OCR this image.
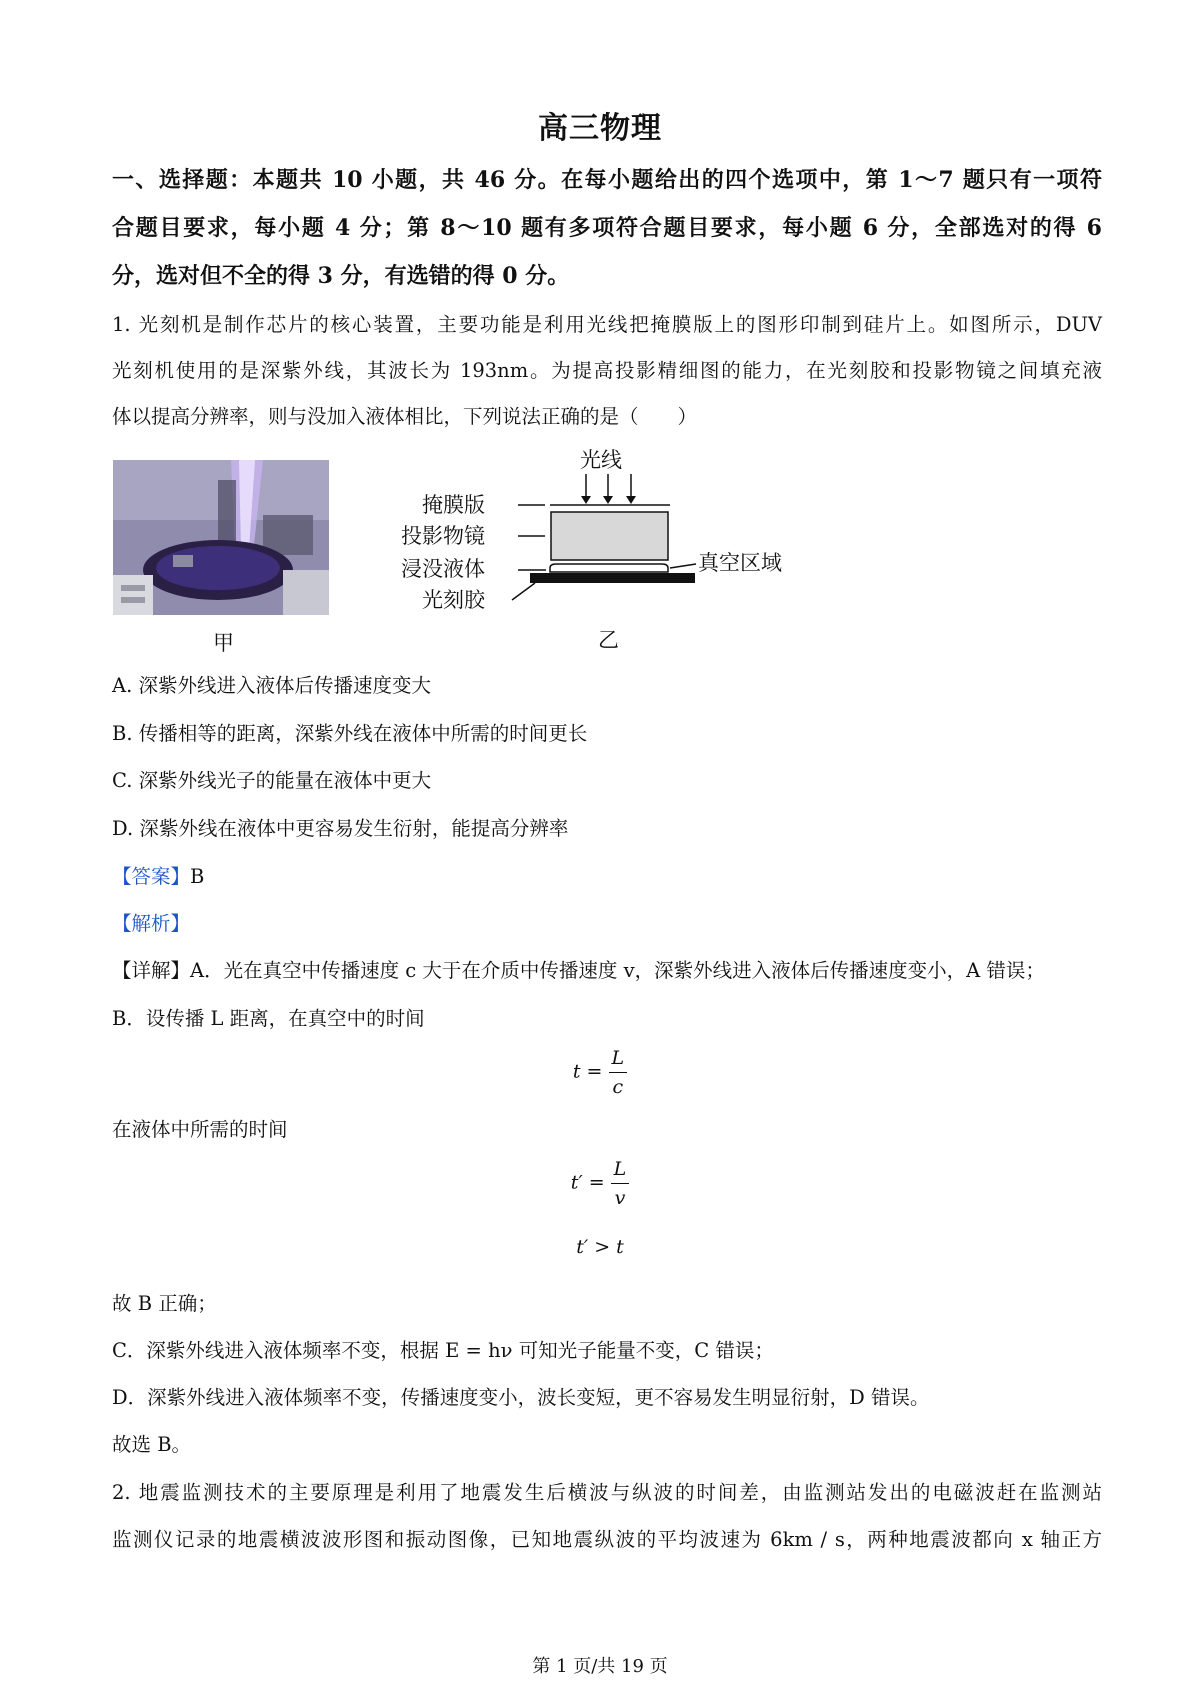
高三物理
一、选择题：本题共 10 小题，共 46 分。在每小题给出的四个选项中，第 1～7 题只有一项符
合题目要求，每小题 4 分；第 8～10 题有多项符合题目要求，每小题 6 分，全部选对的得 6
分，选对但不全的得 3 分，有选错的得 0 分。
1. 光刻机是制作芯片的核心装置，主要功能是利用光线把掩膜版上的图形印制到硅片上。如图所示，DUV
光刻机使用的是深紫外线，其波长为 193nm。为提高投影精细图的能力，在光刻胶和投影物镜之间填充液
体以提高分辨率，则与没加入液体相比，下列说法正确的是（　　）
甲
光线
掩膜版
投影物镜
浸没液体
光刻胶
真空区域
乙
A. 深紫外线进入液体后传播速度变大
B. 传播相等的距离，深紫外线在液体中所需的时间更长
C. 深紫外线光子的能量在液体中更大
D. 深紫外线在液体中更容易发生衍射，能提高分辨率
【答案】B
【解析】
【详解】A．光在真空中传播速度 c 大于在介质中传播速度 v，深紫外线进入液体后传播速度变小，A 错误；
B．设传播 L 距离，在真空中的时间
$t = \frac{L}{c}$
在液体中所需的时间
$t' = \frac{L}{v}$
t′ > t
故 B 正确；
C．深紫外线进入液体频率不变，根据 E = hν 可知光子能量不变，C 错误；
D．深紫外线进入液体频率不变，传播速度变小，波长变短，更不容易发生明显衍射，D 错误。
故选 B。
2. 地震监测技术的主要原理是利用了地震发生后横波与纵波的时间差，由监测站发出的电磁波赶在监测站
监测仪记录的地震横波波形图和振动图像，已知地震纵波的平均波速为 6km / s，两种地震波都向 x 轴正方
第 1 页/共 19 页
